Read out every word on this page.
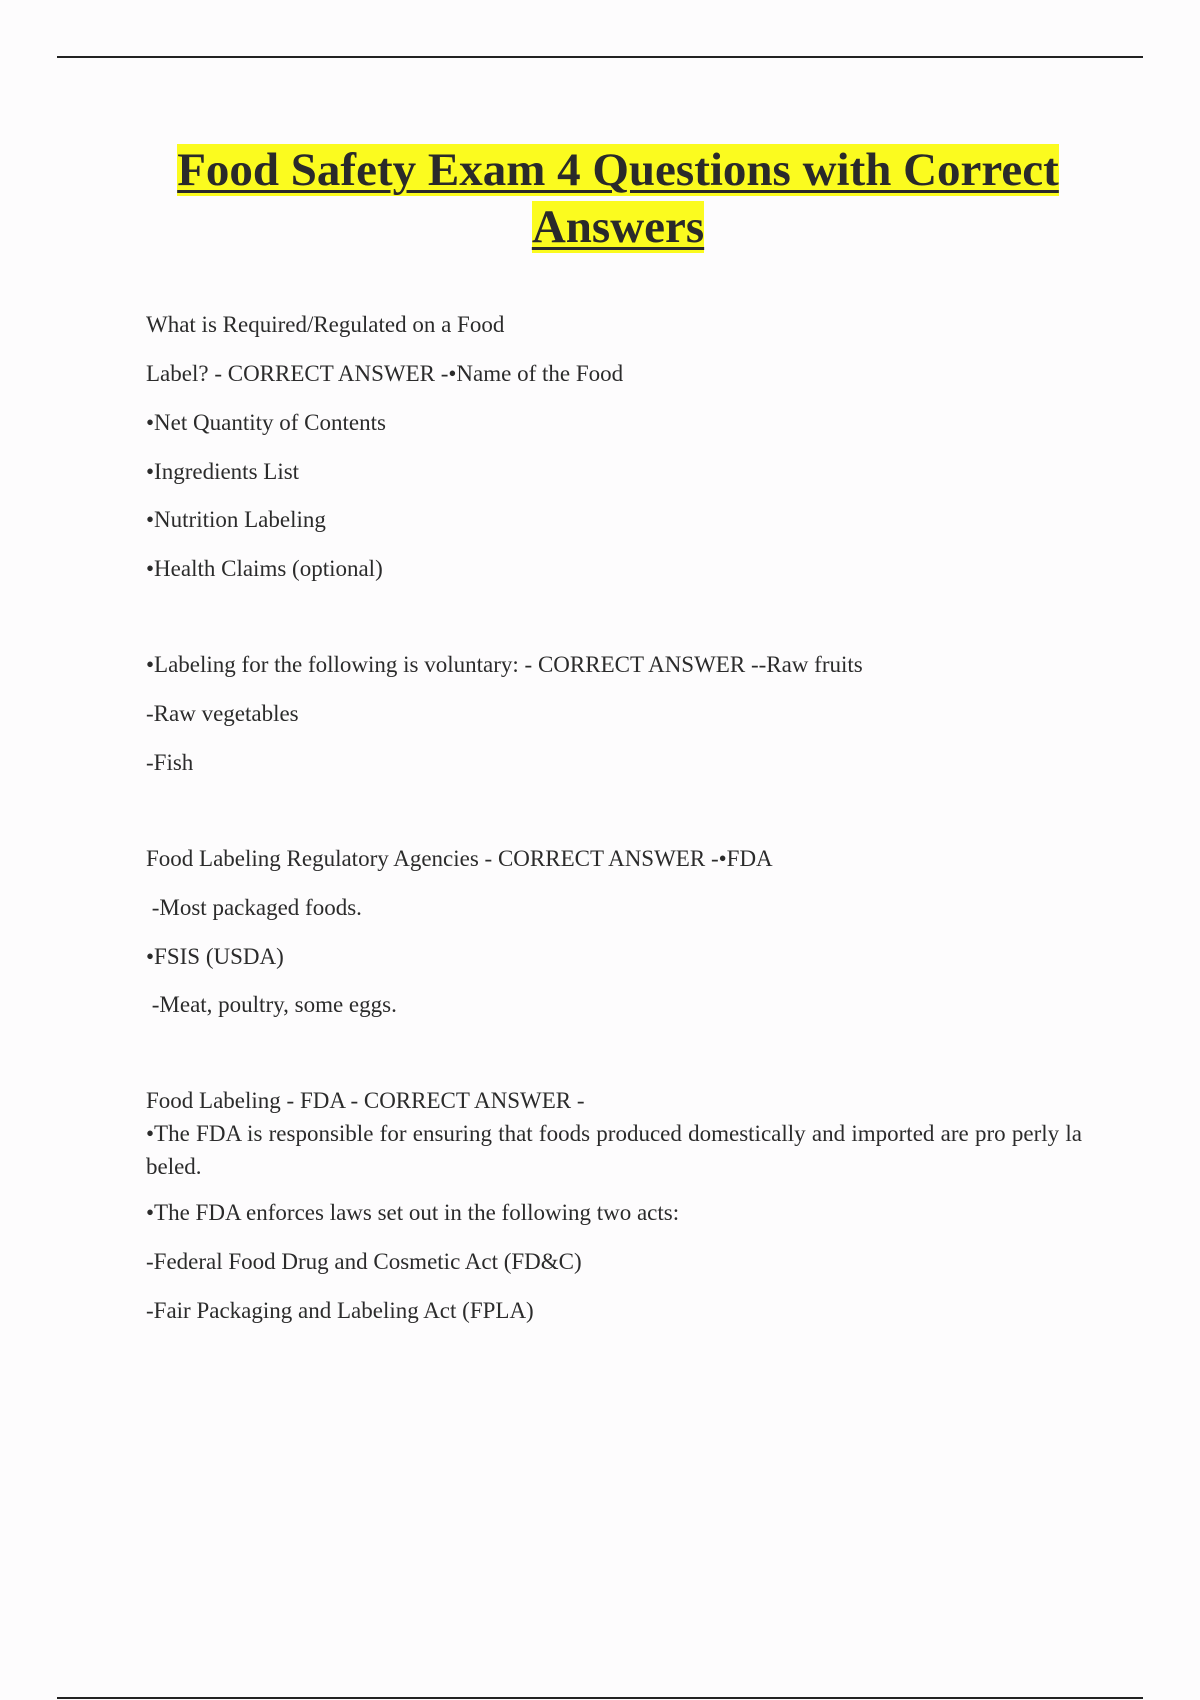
Food Safety Exam 4 Questions with Correct
Answers

What is Required/Regulated on a Food

Label? - CORRECT ANSWER -•Name of the Food

•Net Quantity of Contents

•Ingredients List

•Nutrition Labeling

•Health Claims (optional)

•Labeling for the following is voluntary: - CORRECT ANSWER --Raw fruits

-Raw vegetables

-Fish

Food Labeling Regulatory Agencies - CORRECT ANSWER -•FDA

-Most packaged foods.

•FSIS (USDA)

-Meat, poultry, some eggs.

Food Labeling - FDA - CORRECT ANSWER -

•The FDA is responsible for ensuring that foods produced domestically and imported are pro perly labeled.

•The FDA enforces laws set out in the following two acts:

-Federal Food Drug and Cosmetic Act (FD&C)

-Fair Packaging and Labeling Act (FPLA)
